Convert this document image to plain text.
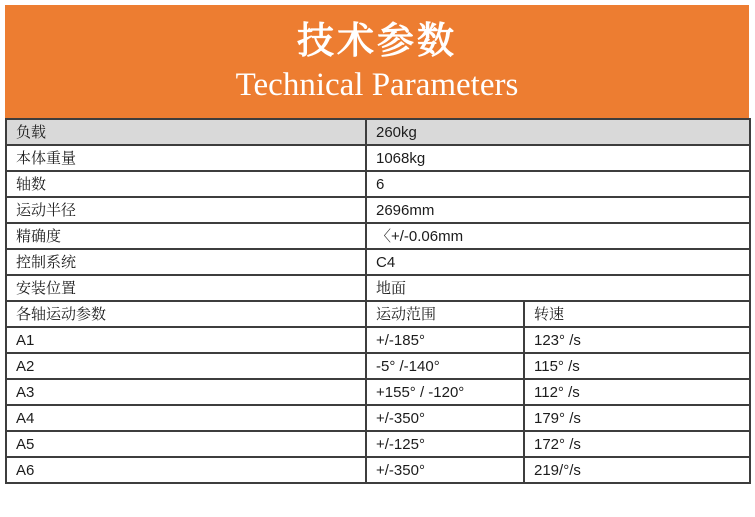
技术参数
Technical Parameters
负载	260kg	
本体重量	1068kg	
轴数	6	
运动半径	2696mm	
精确度	〈+/-0.06mm	
控制系统	C4	
安装位置	地面	
各轴运动参数	运动范围	转速
A1	+/-185°	123° /s
A2	-5° /-140°	115° /s
A3	+155° / -120°	112° /s
A4	+/-350°	179° /s
A5	+/-125°	172° /s
A6	+/-350°	219/°/s
